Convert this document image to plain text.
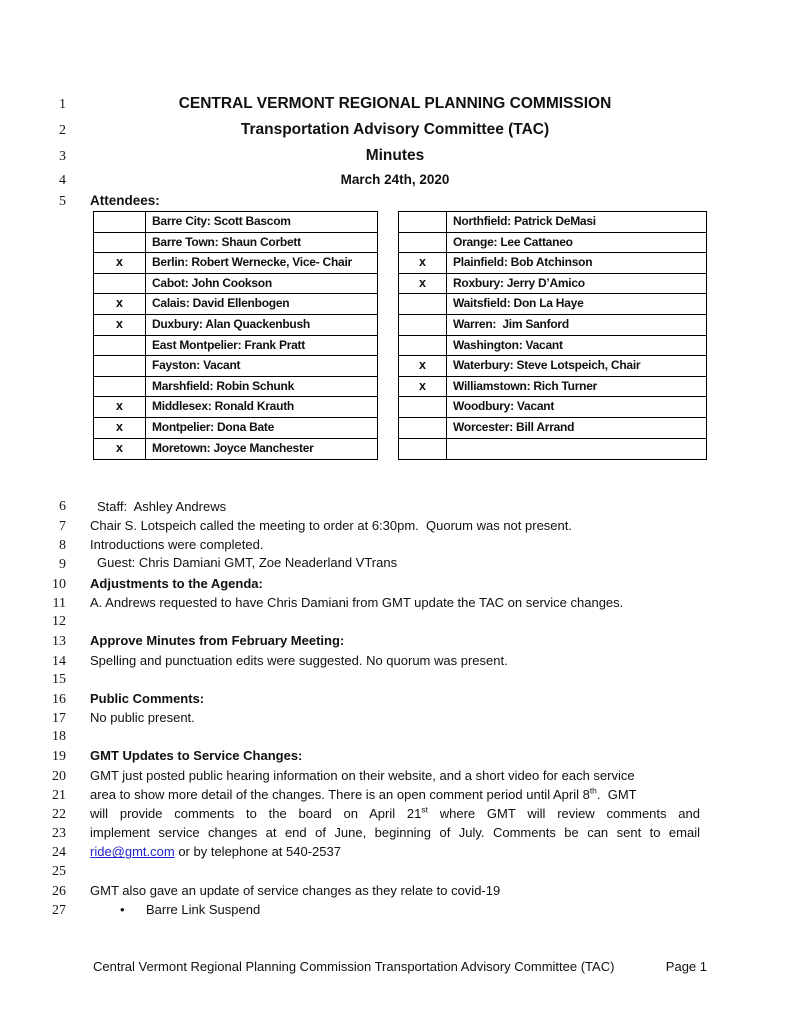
1	CENTRAL VERMONT REGIONAL PLANNING COMMISSION
2	Transportation Advisory Committee (TAC)
3	Minutes
4	March 24th, 2020
5 Attendees:
Barre City: Scott Bascom
Barre Town: Shaun Corbett
x	Berlin: Robert Wernecke, Vice- Chair
Cabot: John Cookson
x	Calais: David Ellenbogen
x	Duxbury: Alan Quackenbush
East Montpelier: Frank Pratt
Fayston: Vacant
Marshfield: Robin Schunk
x	Middlesex: Ronald Krauth
x	Montpelier: Dona Bate
x	Moretown: Joyce Manchester
Northfield: Patrick DeMasi
Orange: Lee Cattaneo
x	Plainfield: Bob Atchinson
x	Roxbury: Jerry D’Amico
Waitsfield: Don La Haye
Warren:  Jim Sanford
Washington: Vacant
x	Waterbury: Steve Lotspeich, Chair
x	Williamstown: Rich Turner
Woodbury: Vacant
Worcester: Bill Arrand

Staff:  Ashley Andrews

Guest: Chris Damiani GMT, Zoe Neaderland VTrans

6
7 Chair S. Lotspeich called the meeting to order at 6:30pm.  Quorum was not present.
8 Introductions were completed.
9
10 Adjustments to the Agenda:
11 A. Andrews requested to have Chris Damiani from GMT update the TAC on service changes.
12
13 Approve Minutes from February Meeting:
14 Spelling and punctuation edits were suggested. No quorum was present.
15
16 Public Comments:
17 No public present.
18
19 GMT Updates to Service Changes:
20 GMT just posted public hearing information on their website, and a short video for each service
21 area to show more detail of the changes. There is an open comment period until April 8th.  GMT
22 will provide comments to the board on April 21st where GMT will review comments and
23 implement service changes at end of June, beginning of July. Comments be can sent to email
24 ride@gmt.com or by telephone at 540-2537
25
26 GMT also gave an update of service changes as they relate to covid-19
27	• Barre Link Suspend
Central Vermont Regional Planning Commission Transportation Advisory Committee (TAC)	Page 1
